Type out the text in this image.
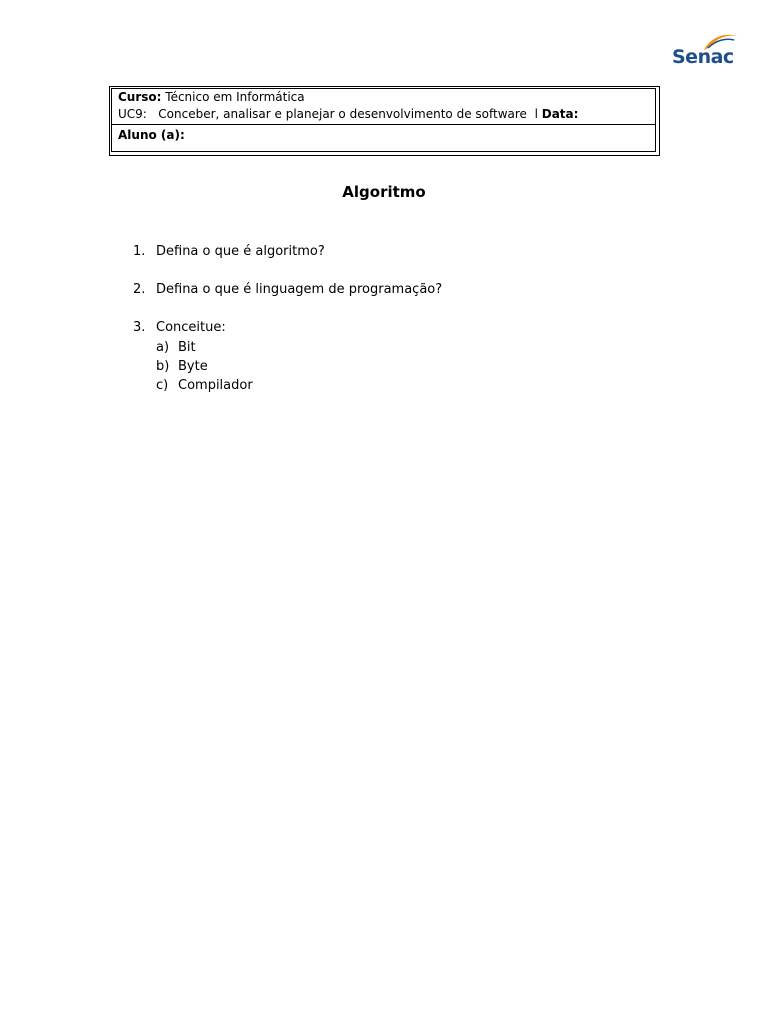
Senac
Curso: Técnico em Informática
UC9: Conceber, analisar e planejar o desenvolvimento de software l Data:
Aluno (a):
Algoritmo
1. Defina o que é algoritmo?
2. Defina o que é linguagem de programação?
3. Conceitue:
a) Bit
b) Byte
c) Compilador
